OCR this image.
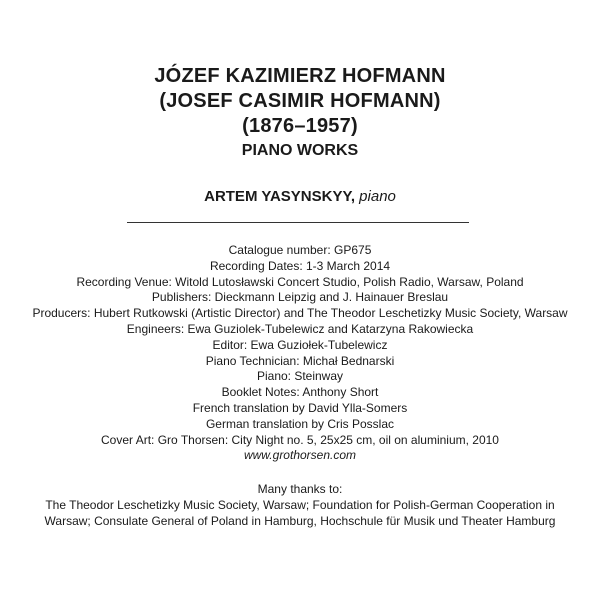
JÓZEF KAZIMIERZ HOFMANN
(JOSEF CASIMIR HOFMANN)
(1876–1957)
PIANO WORKS
ARTEM YASYNSKYY, piano
Catalogue number: GP675
Recording Dates: 1-3 March 2014
Recording Venue: Witold Lutosławski Concert Studio, Polish Radio, Warsaw, Poland
Publishers: Dieckmann Leipzig and J. Hainauer Breslau
Producers: Hubert Rutkowski (Artistic Director) and The Theodor Leschetizky Music Society, Warsaw
Engineers: Ewa Guziolek-Tubelewicz and Katarzyna Rakowiecka
Editor: Ewa Guziołek-Tubelewicz
Piano Technician: Michał Bednarski
Piano: Steinway
Booklet Notes: Anthony Short
French translation by David Ylla-Somers
German translation by Cris Posslac
Cover Art: Gro Thorsen: City Night no. 5, 25x25 cm, oil on aluminium, 2010
www.grothorsen.com
Many thanks to:
The Theodor Leschetizky Music Society, Warsaw; Foundation for Polish-German Cooperation in
Warsaw; Consulate General of Poland in Hamburg, Hochschule für Musik und Theater Hamburg
